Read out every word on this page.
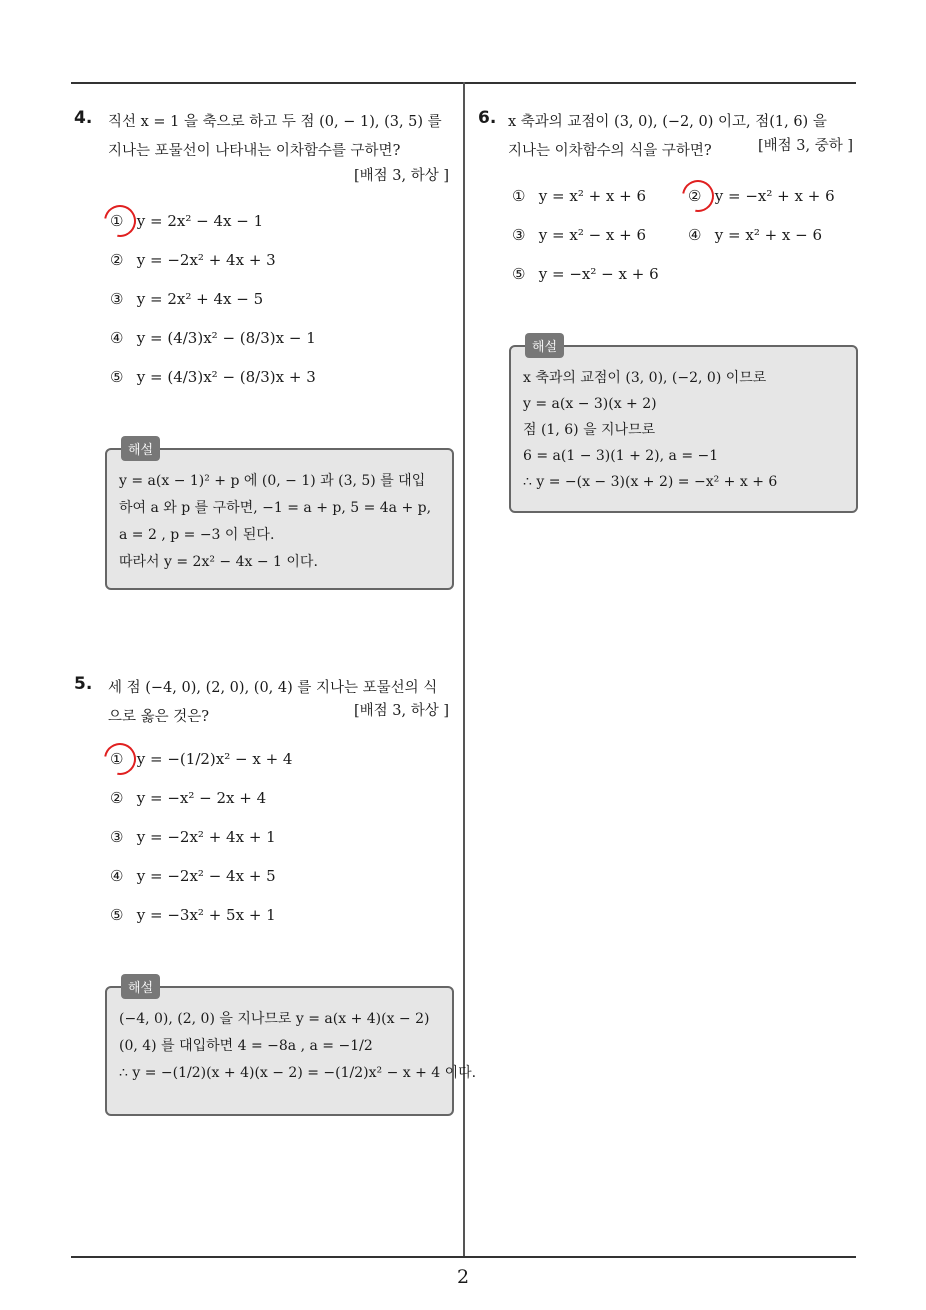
2
4. 직선 x = 1 을 축으로 하고 두 점 (0, − 1), (3, 5) 를
지나는 포물선이 나타내는 이차함수를 구하면?
[배점 3, 하상 ]
① y = 2x² − 4x − 1
② y = −2x² + 4x + 3
③ y = 2x² + 4x − 5
④ y = (4/3)x² − (8/3)x − 1
⑤ y = (4/3)x² − (8/3)x + 3
해설
y = a(x − 1)² + p 에 (0, − 1) 과 (3, 5) 를 대입
하여 a 와 p 를 구하면, −1 = a + p, 5 = 4a + p,
a = 2 , p = −3 이 된다.
따라서 y = 2x² − 4x − 1 이다.
5. 세 점 (−4, 0), (2, 0), (0, 4) 를 지나는 포물선의 식
으로 옳은 것은?	[배점 3, 하상 ]
① y = −(1/2)x² − x + 4
② y = −x² − 2x + 4
③ y = −2x² + 4x + 1
④ y = −2x² − 4x + 5
⑤ y = −3x² + 5x + 1
해설
(−4, 0), (2, 0) 을 지나므로 y = a(x + 4)(x − 2)
(0, 4) 를 대입하면 4 = −8a , a = −1/2
∴ y = −(1/2)(x + 4)(x − 2) = −(1/2)x² − x + 4 이다.
6. x 축과의 교점이 (3, 0), (−2, 0) 이고, 점(1, 6) 을
지나는 이차함수의 식을 구하면?	[배점 3, 중하 ]
① y = x² + x + 6	② y = −x² + x + 6
③ y = x² − x + 6	④ y = x² + x − 6
⑤ y = −x² − x + 6
해설
x 축과의 교점이 (3, 0), (−2, 0) 이므로
y = a(x − 3)(x + 2)
점 (1, 6) 을 지나므로
6 = a(1 − 3)(1 + 2), a = −1
∴ y = −(x − 3)(x + 2) = −x² + x + 6
